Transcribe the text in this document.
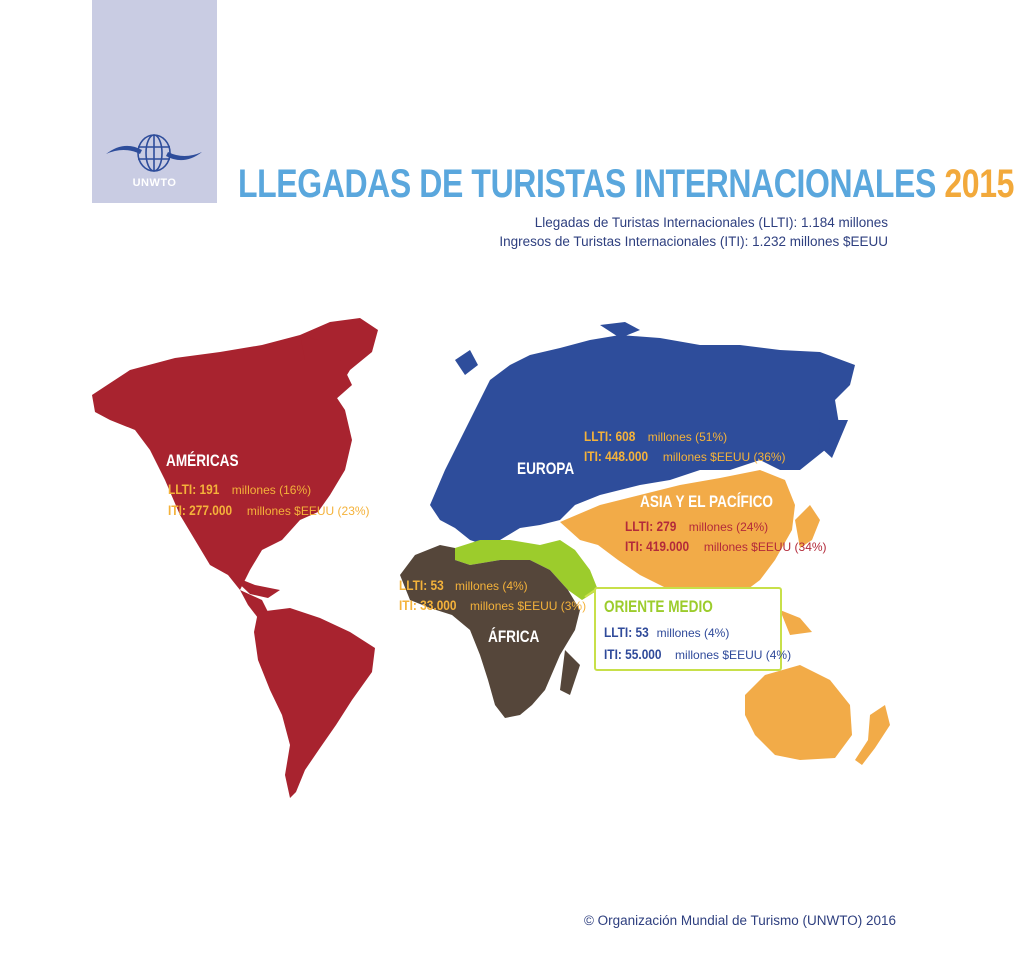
UNWTO	LLEGADAS DE TURISTAS INTERNACIONALES 2015
Llegadas de Turistas Internacionales (LLTI): 1.184 millones
Ingresos de Turistas Internacionales (ITI): 1.232 millones $EEUU
AMÉRICAS
LLTI: 191 millones (16%)
ITI: 277.000 millones $EEUU (23%)
EUROPA
LLTI: 608 millones (51%)
ITI: 448.000 millones $EEUU (36%)
ASIA Y EL PACÍFICO
LLTI: 279 millones (24%)
ITI: 419.000 millones $EEUU (34%)
LLTI: 53 millones (4%)
ITI: 33.000 millones $EEUU (3%)
ÁFRICA
ORIENTE MEDIO
LLTI: 53 millones (4%)
ITI: 55.000 millones $EEUU (4%)
© Organización Mundial de Turismo (UNWTO) 2016
